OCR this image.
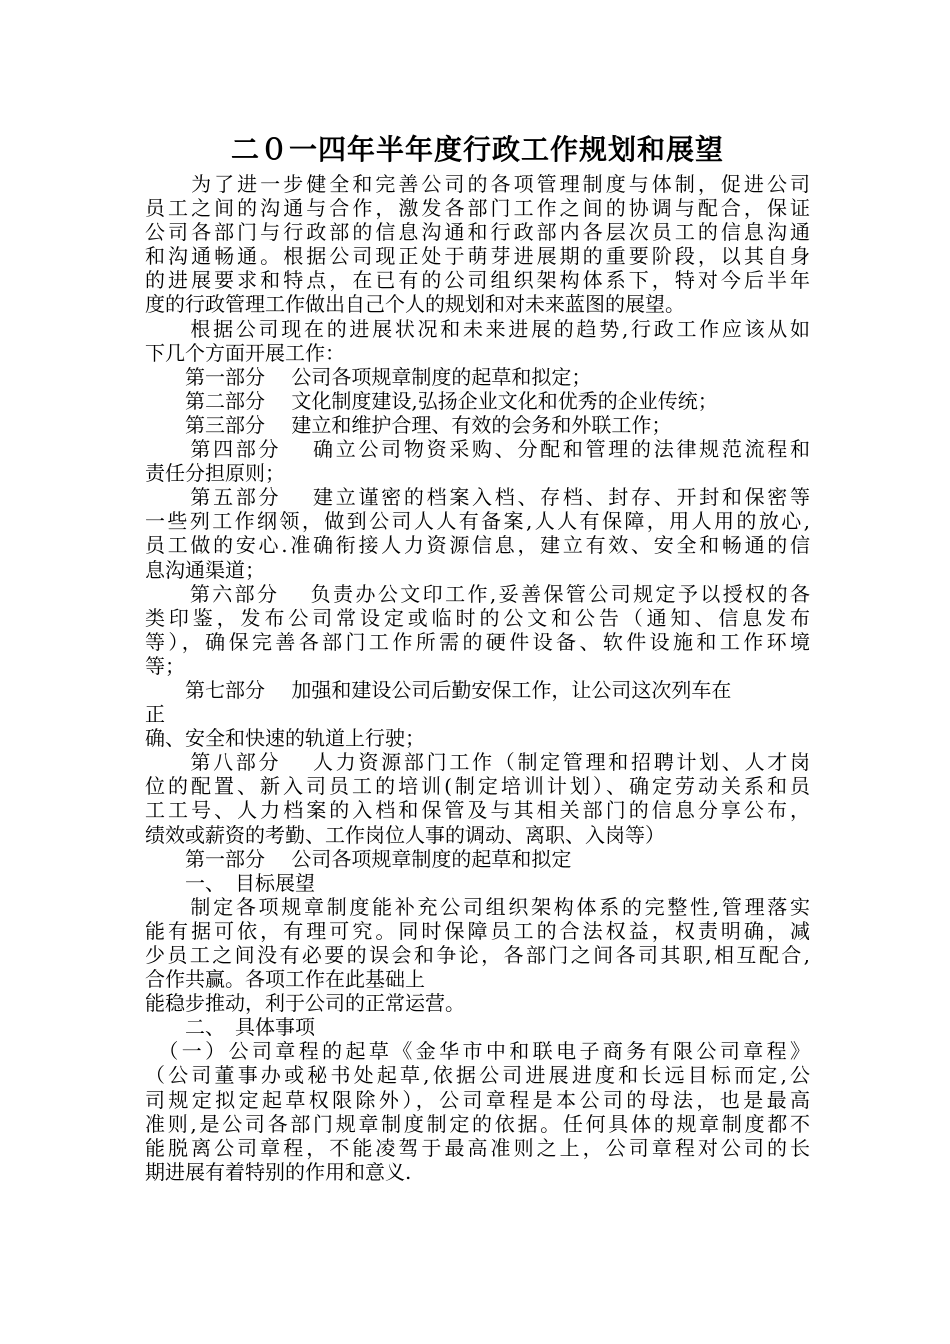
二０一四年半年度行政工作规划和展望
　　为了进一步健全和完善公司的各项管理制度与体制，促进公司
员工之间的沟通与合作，激发各部门工作之间的协调与配合，保证
公司各部门与行政部的信息沟通和行政部内各层次员工的信息沟通
和沟通畅通。根据公司现正处于萌芽进展期的重要阶段，以其自身
的进展要求和特点，在已有的公司组织架构体系下，特对今后半年
度的行政管理工作做出自己个人的规划和对未来蓝图的展望。
　　根据公司现在的进展状况和未来进展的趋势,行政工作应该从如
下几个方面开展工作：
　　第一部分　 公司各项规章制度的起草和拟定；
　　第二部分　 文化制度建设,弘扬企业文化和优秀的企业传统；
　　第三部分　 建立和维护合理、有效的会务和外联工作；
　　第四部分　 确立公司物资采购、分配和管理的法律规范流程和
责任分担原则；
　　第五部分　 建立谨密的档案入档、存档、封存、开封和保密等
一些列工作纲领，做到公司人人有备案,人人有保障，用人用的放心,
员工做的安心.准确衔接人力资源信息，建立有效、安全和畅通的信
息沟通渠道；
　　第六部分　 负责办公文印工作,妥善保管公司规定予以授权的各
类印鉴，发布公司常设定或临时的公文和公告（通知、信息发布
等），确保完善各部门工作所需的硬件设备、软件设施和工作环境
等；
　　第七部分　 加强和建设公司后勤安保工作，让公司这次列车在
正
确、安全和快速的轨道上行驶；
　　第八部分　 人力资源部门工作（制定管理和招聘计划、人才岗
位的配置、新入司员工的培训(制定培训计划）、确定劳动关系和员
工工号、人力档案的入档和保管及与其相关部门的信息分享公布，
绩效或薪资的考勤、工作岗位人事的调动、离职、入岗等）
　　第一部分　 公司各项规章制度的起草和拟定
　　一、　目标展望
　　制定各项规章制度能补充公司组织架构体系的完整性,管理落实
能有据可依，有理可究。同时保障员工的合法权益，权责明确，减
少员工之间没有必要的误会和争论，各部门之间各司其职,相互配合,
合作共赢。各项工作在此基础上
能稳步推动，利于公司的正常运营。
　　二、　具体事项
　（一）公司章程的起草《金华市中和联电子商务有限公司章程》
（公司董事办或秘书处起草,依据公司进展进度和长远目标而定,公
司规定拟定起草权限除外），公司章程是本公司的母法，也是最高
准则,是公司各部门规章制度制定的依据。任何具体的规章制度都不
能脱离公司章程，不能凌驾于最高准则之上，公司章程对公司的长
期进展有着特别的作用和意义.
